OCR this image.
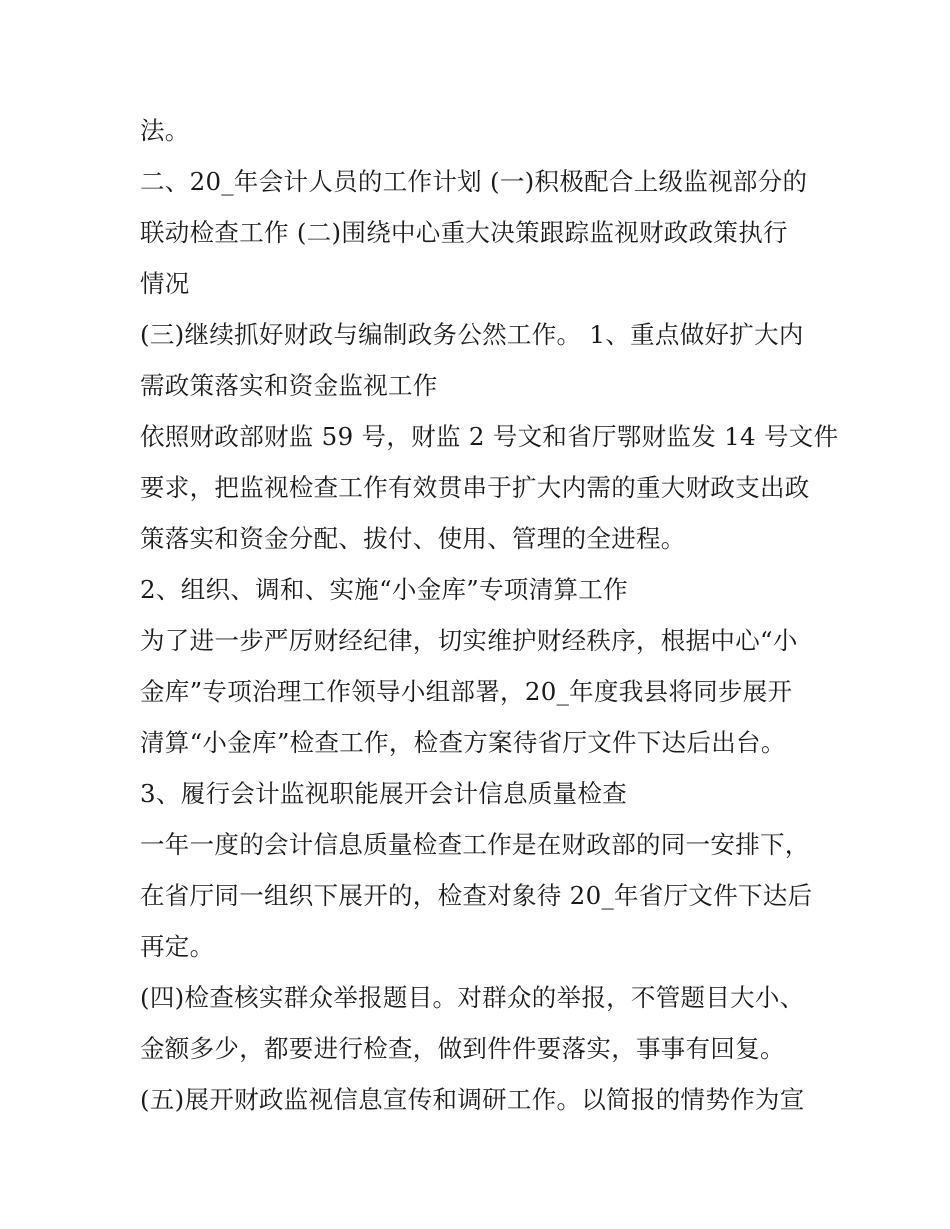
法。
二、20_年会计人员的工作计划 (一)积极配合上级监视部分的
联动检查工作 (二)围绕中心重大决策跟踪监视财政政策执行
情况
(三)继续抓好财政与编制政务公然工作。 1、重点做好扩大内
需政策落实和资金监视工作
依照财政部财监 59 号，财监 2 号文和省厅鄂财监发 14 号文件
要求，把监视检查工作有效贯串于扩大内需的重大财政支出政
策落实和资金分配、拔付、使用、管理的全进程。
2、组织、调和、实施“小金库”专项清算工作
为了进一步严厉财经纪律，切实维护财经秩序，根据中心“小
金库”专项治理工作领导小组部署，20_年度我县将同步展开
清算“小金库”检查工作，检查方案待省厅文件下达后出台。
3、履行会计监视职能展开会计信息质量检查
一年一度的会计信息质量检查工作是在财政部的同一安排下，
在省厅同一组织下展开的，检查对象待 20_年省厅文件下达后
再定。
(四)检查核实群众举报题目。对群众的举报，不管题目大小、
金额多少，都要进行检查，做到件件要落实，事事有回复。
(五)展开财政监视信息宣传和调研工作。以简报的情势作为宣
